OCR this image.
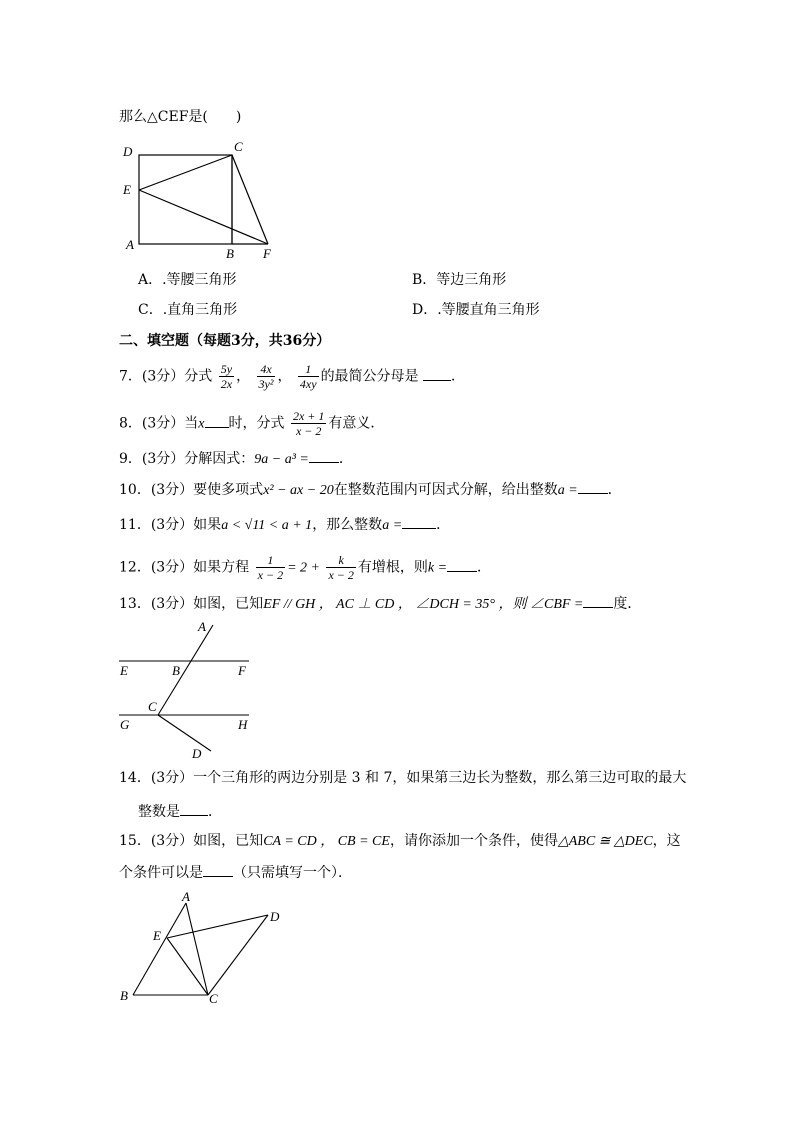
那么△CEF是(　　)
D	C
E
A
B F
A．.等腰三角形	B．等边三角形
C．.直角三角形	D．.等腰直角三角形
二、填空题（每题3分，共36分）
7．(3分）分式 $\frac{5y}{2x}$ ， $\frac{4x}{\text{3y²}}$ ， $\frac{1}{4xy}$ 的最简公分母是 ．
8．(3分）当x 时，分式 $\frac{2x + 1}{x - 2}$ 有意义．
9．(3分）分解因式：9a − a³ = ．
10．(3分）要使多项式x² − ax − 20在整数范围内可因式分解，给出整数a = ．
11．(3分）如果a < √11 < a + 1，那么整数a = ．
12．(3分）如果方程 $\frac{1}{x - 2} = 2 + \frac{k}{x - 2}$ 有增根，则k = ．
13．(3分）如图，已知EF // GH ， AC ⊥ CD ， ∠DCH = 35° ，则 ∠CBF = 度．
A
B
E	F
C
G	H
D
14．(3分）一个三角形的两边分别是 3 和 7，如果第三边长为整数，那么第三边可取的最大
整数是 ．
15．(3分）如图，已知CA = CD ， CB = CE，请你添加一个条件，使得△ABC ≅ △DEC，这
个条件可以是 （只需填写一个）．
A
D
E
B	C
